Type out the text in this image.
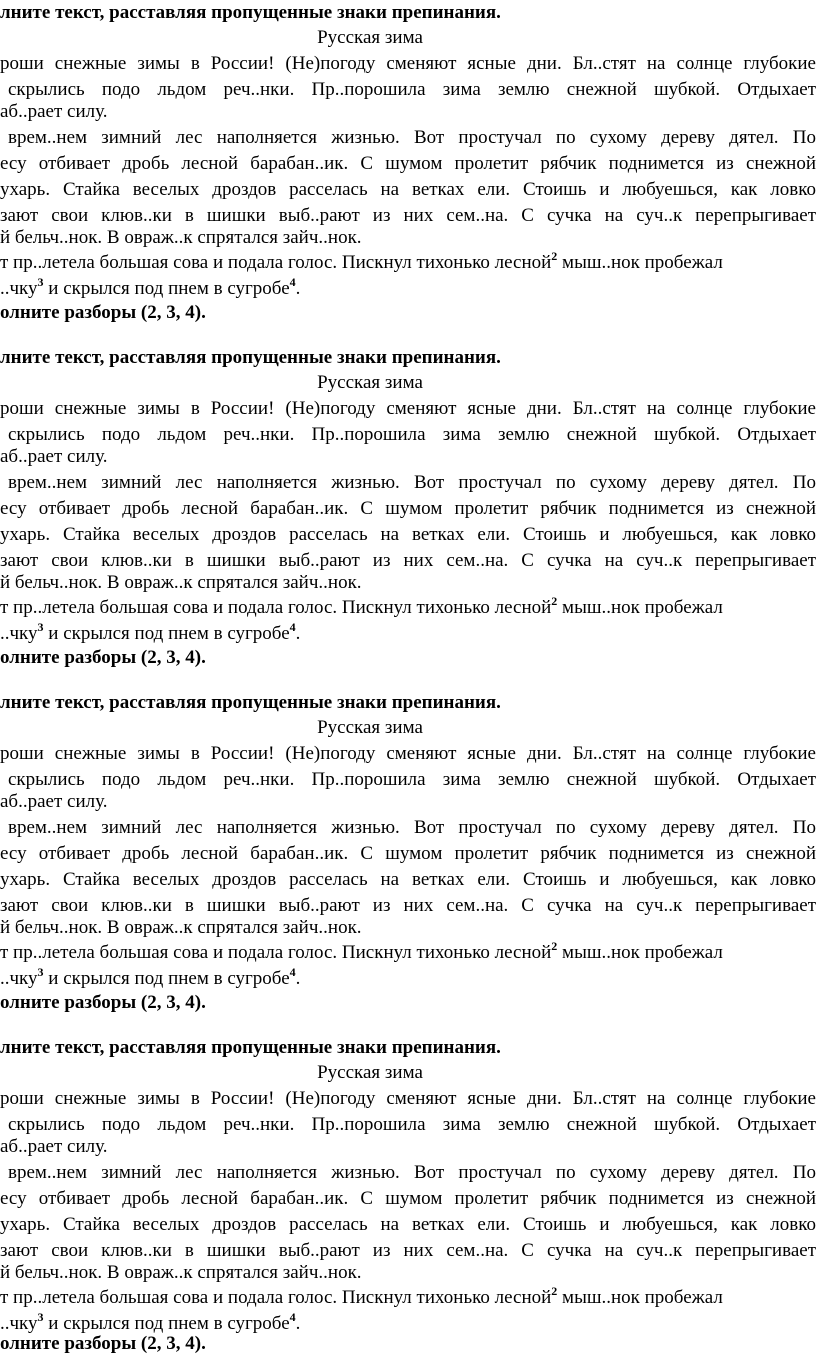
лните текст, расставляя пропущенные знаки препинания.
Русская зима
роши снежные зимы в России! (Не)погоду сменяют ясные дни. Бл..стят на солнце глубокие
скрылись подо льдом реч..нки. Пр..порошила зима землю снежной шубкой. Отдыхает
аб..рает силу.
врем..нем зимний лес наполняется жизнью. Вот простучал по сухому дереву дятел. По
есу отбивает дробь лесной барабан..ик. С шумом пролетит рябчик поднимется из снежной
ухарь. Стайка веселых дроздов расселась на ветках ели. Стоишь и любуешься, как ловко
зают свои клюв..ки в шишки выб..рают из них сем..на. С сучка на суч..к перепрыгивает
й бельч..нок. В овраж..к спрятался зайч..нок.
т пр..летела большая сова и подала голос. Пискнул тихонько лесной$^2$ мыш..нок пробежал
..чку$^3$ и скрылся под пнем в сугробе$^4$.
олните разборы (2, 3, 4).
лните текст, расставляя пропущенные знаки препинания.
Русская зима
роши снежные зимы в России! (Не)погоду сменяют ясные дни. Бл..стят на солнце глубокие
скрылись подо льдом реч..нки. Пр..порошила зима землю снежной шубкой. Отдыхает
аб..рает силу.
врем..нем зимний лес наполняется жизнью. Вот простучал по сухому дереву дятел. По
есу отбивает дробь лесной барабан..ик. С шумом пролетит рябчик поднимется из снежной
ухарь. Стайка веселых дроздов расселась на ветках ели. Стоишь и любуешься, как ловко
зают свои клюв..ки в шишки выб..рают из них сем..на. С сучка на суч..к перепрыгивает
й бельч..нок. В овраж..к спрятался зайч..нок.
т пр..летела большая сова и подала голос. Пискнул тихонько лесной$^2$ мыш..нок пробежал
..чку$^3$ и скрылся под пнем в сугробе$^4$.
олните разборы (2, 3, 4).
лните текст, расставляя пропущенные знаки препинания.
Русская зима
роши снежные зимы в России! (Не)погоду сменяют ясные дни. Бл..стят на солнце глубокие
скрылись подо льдом реч..нки. Пр..порошила зима землю снежной шубкой. Отдыхает
аб..рает силу.
врем..нем зимний лес наполняется жизнью. Вот простучал по сухому дереву дятел. По
есу отбивает дробь лесной барабан..ик. С шумом пролетит рябчик поднимется из снежной
ухарь. Стайка веселых дроздов расселась на ветках ели. Стоишь и любуешься, как ловко
зают свои клюв..ки в шишки выб..рают из них сем..на. С сучка на суч..к перепрыгивает
й бельч..нок. В овраж..к спрятался зайч..нок.
т пр..летела большая сова и подала голос. Пискнул тихонько лесной$^2$ мыш..нок пробежал
..чку$^3$ и скрылся под пнем в сугробе$^4$.
олните разборы (2, 3, 4).
лните текст, расставляя пропущенные знаки препинания.
Русская зима
роши снежные зимы в России! (Не)погоду сменяют ясные дни. Бл..стят на солнце глубокие
скрылись подо льдом реч..нки. Пр..порошила зима землю снежной шубкой. Отдыхает
аб..рает силу.
врем..нем зимний лес наполняется жизнью. Вот простучал по сухому дереву дятел. По
есу отбивает дробь лесной барабан..ик. С шумом пролетит рябчик поднимется из снежной
ухарь. Стайка веселых дроздов расселась на ветках ели. Стоишь и любуешься, как ловко
зают свои клюв..ки в шишки выб..рают из них сем..на. С сучка на суч..к перепрыгивает
й бельч..нок. В овраж..к спрятался зайч..нок.
т пр..летела большая сова и подала голос. Пискнул тихонько лесной$^2$ мыш..нок пробежал
..чку$^3$ и скрылся под пнем в сугробе$^4$.
олните разборы (2, 3, 4).
